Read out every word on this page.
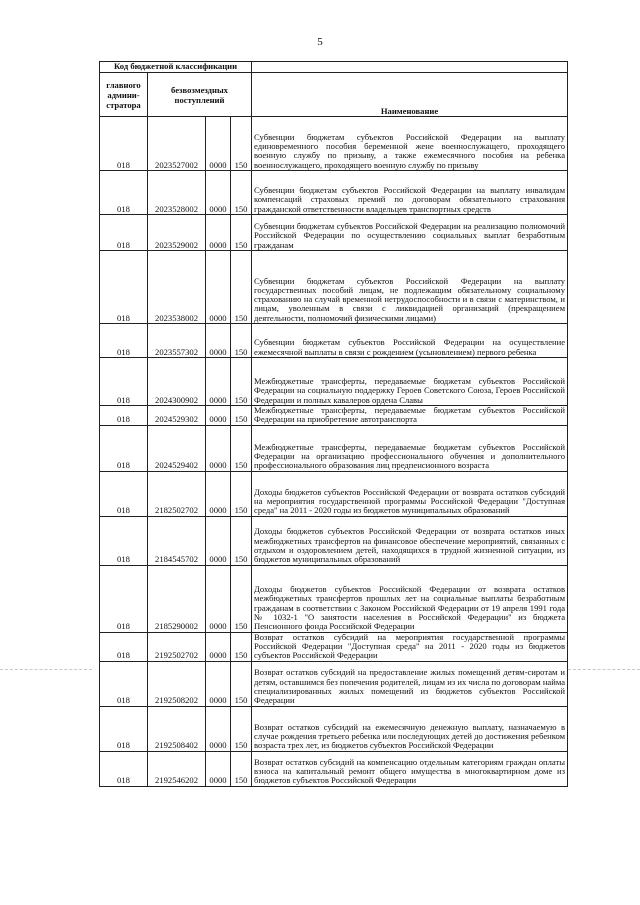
5
Код бюджетной классификации				
главного админи-стратора	безвозмездных поступлений			Наименование
018	2023527002	0000	150	Субвенции бюджетам субъектов Российской Федерации на выплату единовременного пособия беременной жене военнослужащего, проходящего военную службу по призыву, а также ежемесячного пособия на ребенка военнослужащего, проходящего военную службу по призыву
018	2023528002	0000	150	Субвенции бюджетам субъектов Российской Федерации на выплату инвалидам компенсаций страховых премий по договорам обязательного страхования гражданской ответственности владельцев транспортных средств
018	2023529002	0000	150	Субвенции бюджетам субъектов Российской Федерации на реализацию полномочий Российской Федерации по осуществлению социальных выплат безработным гражданам
018	2023538002	0000	150	Субвенции бюджетам субъектов Российской Федерации на выплату государственных пособий лицам, не подлежащим обязательному социальному страхованию на случай временной нетрудоспособности и в связи с материнством, и лицам, уволенным в связи с ликвидацией организаций (прекращением деятельности, полномочий физическими лицами)
018	2023557302	0000	150	Субвенции бюджетам субъектов Российской Федерации на осуществление ежемесячной выплаты в связи с рождением (усыновлением) первого ребенка
018	2024300902	0000	150	Межбюджетные трансферты, передаваемые бюджетам субъектов Российской Федерации на социальную поддержку Героев Советского Союза, Героев Российской Федерации и полных кавалеров ордена Славы
018	2024529302	0000	150	Межбюджетные трансферты, передаваемые бюджетам субъектов Российской Федерации на приобретение автотранспорта
018	2024529402	0000	150	Межбюджетные трансферты, передаваемые бюджетам субъектов Российской Федерации на организацию профессионального обучения и дополнительного профессионального образования лиц предпенсионного возраста
018	2182502702	0000	150	Доходы бюджетов субъектов Российской Федерации от возврата остатков субсидий на мероприятия государственной программы Российской Федерации "Доступная среда" на 2011 - 2020 годы из бюджетов муниципальных образований
018	2184545702	0000	150	Доходы бюджетов субъектов Российской Федерации от возврата остатков иных межбюджетных трансфертов на финансовое обеспечение мероприятий, связанных с отдыхом и оздоровлением детей, находящихся в трудной жизненной ситуации, из бюджетов муниципальных образований
018	2185290002	0000	150	Доходы бюджетов субъектов Российской Федерации от возврата остатков межбюджетных трансфертов прошлых лет на социальные выплаты безработным гражданам в соответствии с Законом Российской Федерации от 19 апреля 1991 года № 1032-1 "О занятости населения в Российской Федерации" из бюджета Пенсионного фонда Российской Федерации
018	2192502702	0000	150	Возврат остатков субсидий на мероприятия государственной программы Российской Федерации "Доступная среда" на 2011 - 2020 годы из бюджетов субъектов Российской Федерации
018	2192508202	0000	150	Возврат остатков субсидий на предоставление жилых помещений детям-сиротам и детям, оставшимся без попечения родителей, лицам из их числа по договорам найма специализированных жилых помещений из бюджетов субъектов Российской Федерации
018	2192508402	0000	150	Возврат остатков субсидий на ежемесячную денежную выплату, назначаемую в случае рождения третьего ребенка или последующих детей до достижения ребенком возраста трех лет, из бюджетов субъектов Российской Федерации
018	2192546202	0000	150	Возврат остатков субсидий на компенсацию отдельным категориям граждан оплаты взноса на капитальный ремонт общего имущества в многоквартирном доме из бюджетов субъектов Российской Федерации
